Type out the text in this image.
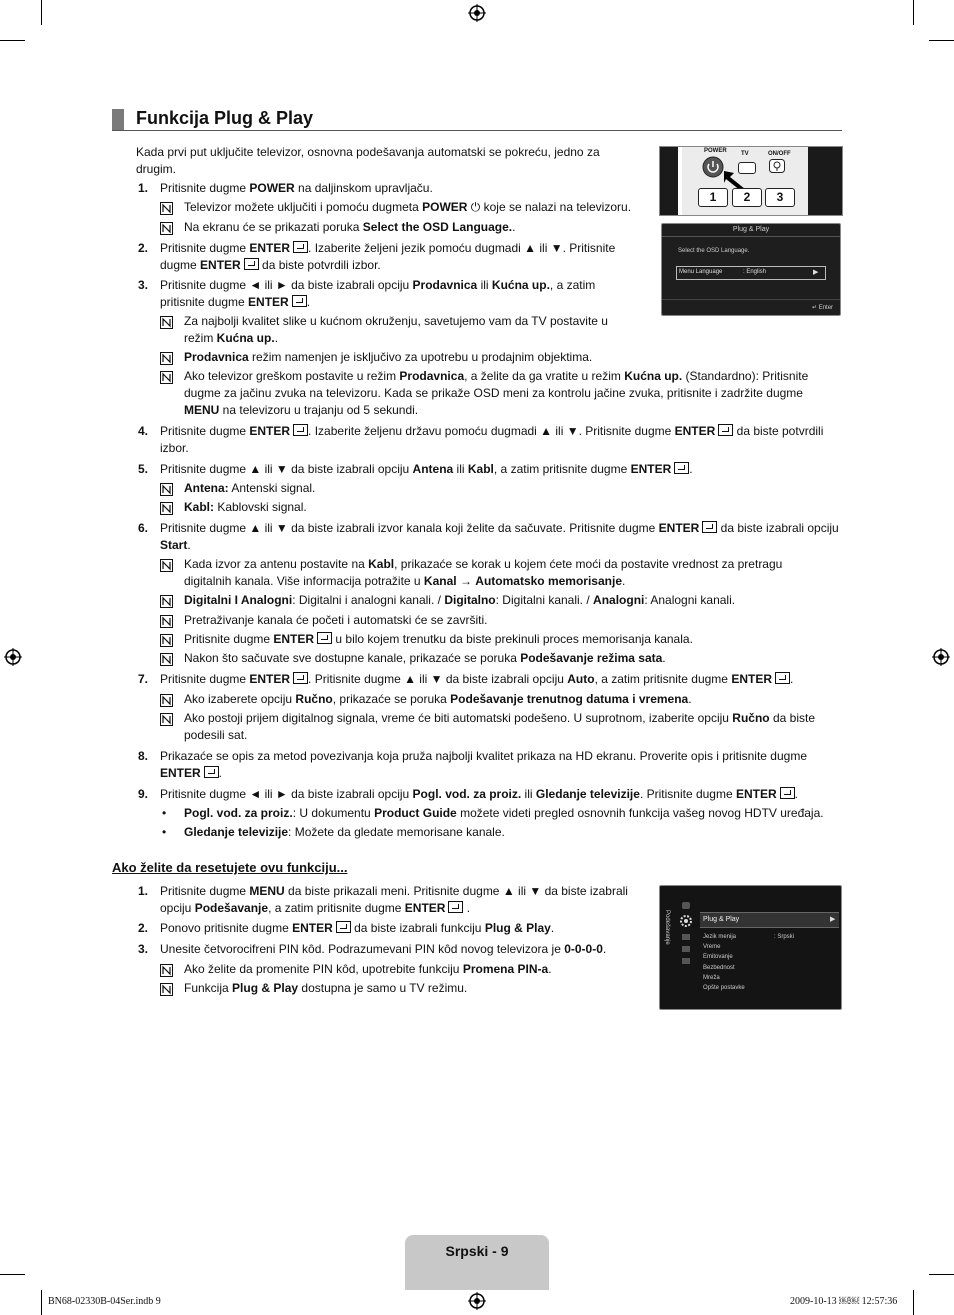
Funkcija Plug & Play
POWER TV	ON/OFF
1	2	3
Plug & Play
Select the OSD Language.
Menu Language	: English	▶
↵ Enter
Kada prvi put uključite televizor, osnovna podešavanja automatski se pokreću, jedno za drugim.
1. Pritisnite dugme POWER na daljinskom upravljaču.
Televizor možete uključiti i pomoću dugmeta POWER ⏻ koje se nalazi na televizoru.
Na ekranu će se prikazati poruka Select the OSD Language..
2. Pritisnite dugme ENTER . Izaberite željeni jezik pomoću dugmadi ▲ ili ▼. Pritisnite dugme ENTER da biste potvrdili izbor.
3. Pritisnite dugme ◄ ili ► da biste izabrali opciju Prodavnica ili Kućna up., a zatim pritisnite dugme ENTER .
Za najbolji kvalitet slike u kućnom okruženju, savetujemo vam da TV postavite u režim Kućna up..
Prodavnica režim namenjen je isključivo za upotrebu u prodajnim objektima.
Ako televizor greškom postavite u režim Prodavnica, a želite da ga vratite u režim Kućna up. (Standardno): Pritisnite dugme za jačinu zvuka na televizoru. Kada se prikaže OSD meni za kontrolu jačine zvuka, pritisnite i zadržite dugme MENU na televizoru u trajanju od 5 sekundi.
4. Pritisnite dugme ENTER . Izaberite željenu državu pomoću dugmadi ▲ ili ▼. Pritisnite dugme ENTER da biste potvrdili izbor.
5. Pritisnite dugme ▲ ili ▼ da biste izabrali opciju Antena ili Kabl, a zatim pritisnite dugme ENTER .
Antena: Antenski signal.
Kabl: Kablovski signal.
6. Pritisnite dugme ▲ ili ▼ da biste izabrali izvor kanala koji želite da sačuvate. Pritisnite dugme ENTER da biste izabrali opciju Start.
Kada izvor za antenu postavite na Kabl, prikazaće se korak u kojem ćete moći da postavite vrednost za pretragu digitalnih kanala. Više informacija potražite u Kanal → Automatsko memorisanje.
Digitalni I Analogni: Digitalni i analogni kanali. / Digitalno: Digitalni kanali. / Analogni: Analogni kanali.
Pretraživanje kanala će početi i automatski će se završiti.
Pritisnite dugme ENTER u bilo kojem trenutku da biste prekinuli proces memorisanja kanala.
Nakon što sačuvate sve dostupne kanale, prikazaće se poruka Podešavanje režima sata.
7. Pritisnite dugme ENTER . Pritisnite dugme ▲ ili ▼ da biste izabrali opciju Auto, a zatim pritisnite dugme ENTER .
Ako izaberete opciju Ručno, prikazaće se poruka Podešavanje trenutnog datuma i vremena.
Ako postoji prijem digitalnog signala, vreme će biti automatski podešeno. U suprotnom, izaberite opciju Ručno da biste podesili sat.
8. Prikazaće se opis za metod povezivanja koja pruža najbolji kvalitet prikaza na HD ekranu. Proverite opis i pritisnite dugme ENTER .
9. Pritisnite dugme ◄ ili ► da biste izabrali opciju Pogl. vod. za proiz. ili Gledanje televizije. Pritisnite dugme ENTER .
• Pogl. vod. za proiz.: U dokumentu Product Guide možete videti pregled osnovnih funkcija vašeg novog HDTV uređaja.
• Gledanje televizije: Možete da gledate memorisane kanale.
Ako želite da resetujete ovu funkciju...
1. Pritisnite dugme MENU da biste prikazali meni. Pritisnite dugme ▲ ili ▼ da biste izabrali opciju Podešavanje, a zatim pritisnite dugme ENTER .
2. Ponovo pritisnite dugme ENTER da biste izabrali funkciju Plug & Play.
3. Unesite četvorocifreni PIN kôd. Podrazumevani PIN kôd novog televizora je 0-0-0-0.
Ako želite da promenite PIN kôd, upotrebite funkciju Promena PIN-a.
Funkcija Plug & Play dostupna je samo u TV režimu.
Podešavanje	Plug & Play	▶
Jezik menija	: Srpski
Vreme
Emitovanje
Bezbednost
Mreža
Opšte postavke
Srpski - 9
BN68-02330B-04Ser.indb 9	2009-10-13 ￼￼ 12:57:36
